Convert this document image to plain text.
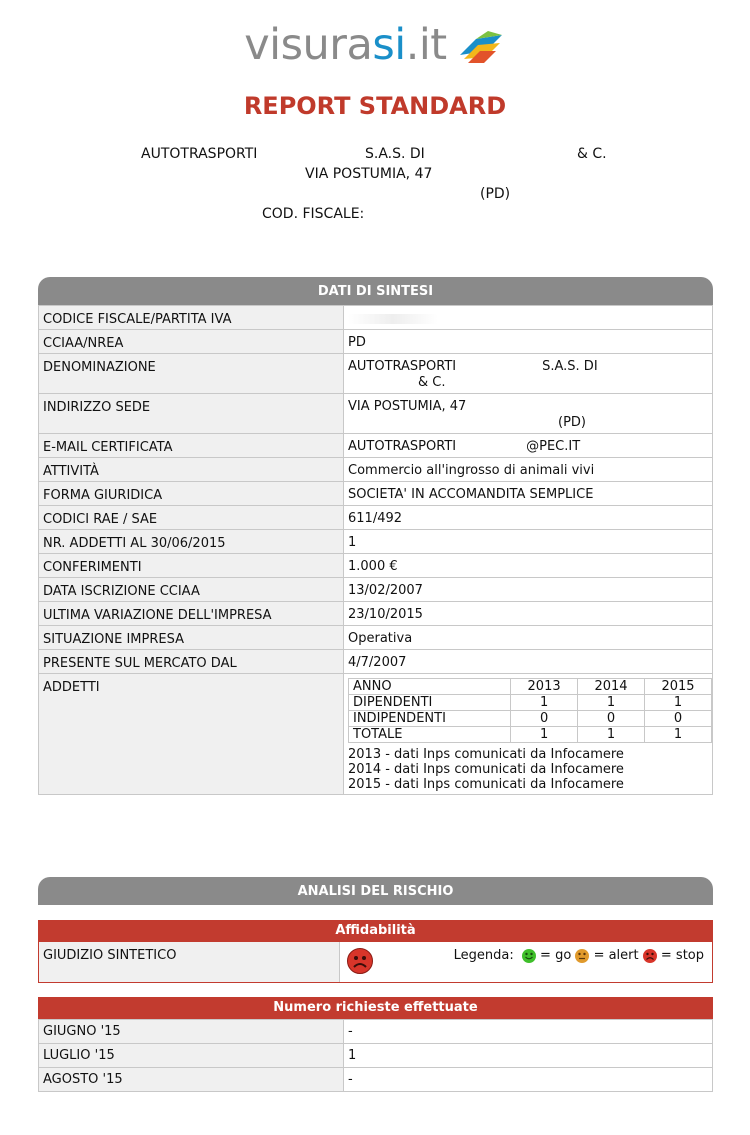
visurasi.it
REPORT STANDARD
AUTOTRASPORTI	S.A.S. DI	& C.
VIA POSTUMIA, 47
(PD)
COD. FISCALE:
DATI DI SINTESI
CODICE FISCALE/PARTITA IVA	
CCIAA/NREA	PD
DENOMINAZIONE	AUTOTRASPORTI	S.A.S. DI
& C.
INDIRIZZO SEDE	VIA POSTUMIA, 47
(PD)
E-MAIL CERTIFICATA	AUTOTRASPORTI	@PEC.IT
ATTIVITÀ	Commercio all'ingrosso di animali vivi
FORMA GIURIDICA	SOCIETA' IN ACCOMANDITA SEMPLICE
CODICI RAE / SAE	611/492
NR. ADDETTI AL 30/06/2015	1
CONFERIMENTI	1.000 €
DATA ISCRIZIONE CCIAA	13/02/2007
ULTIMA VARIAZIONE DELL'IMPRESA	23/10/2015
SITUAZIONE IMPRESA	Operativa
PRESENTE SUL MERCATO DAL	4/7/2007
ADDETTI		ANNO	2013	2014	2015
DIPENDENTI	1	1	1
INDIPENDENTI	0	0	0
TOTALE	1	1	1
2013 - dati Inps comunicati da Infocamere
2014 - dati Inps comunicati da Infocamere
2015 - dati Inps comunicati da Infocamere
ANALISI DEL RISCHIO
Affidabilità
GIUDIZIO SINTETICO	Legenda: = go = alert = stop
Numero richieste effettuate
GIUGNO '15	-
LUGLIO '15	1
AGOSTO '15	-
